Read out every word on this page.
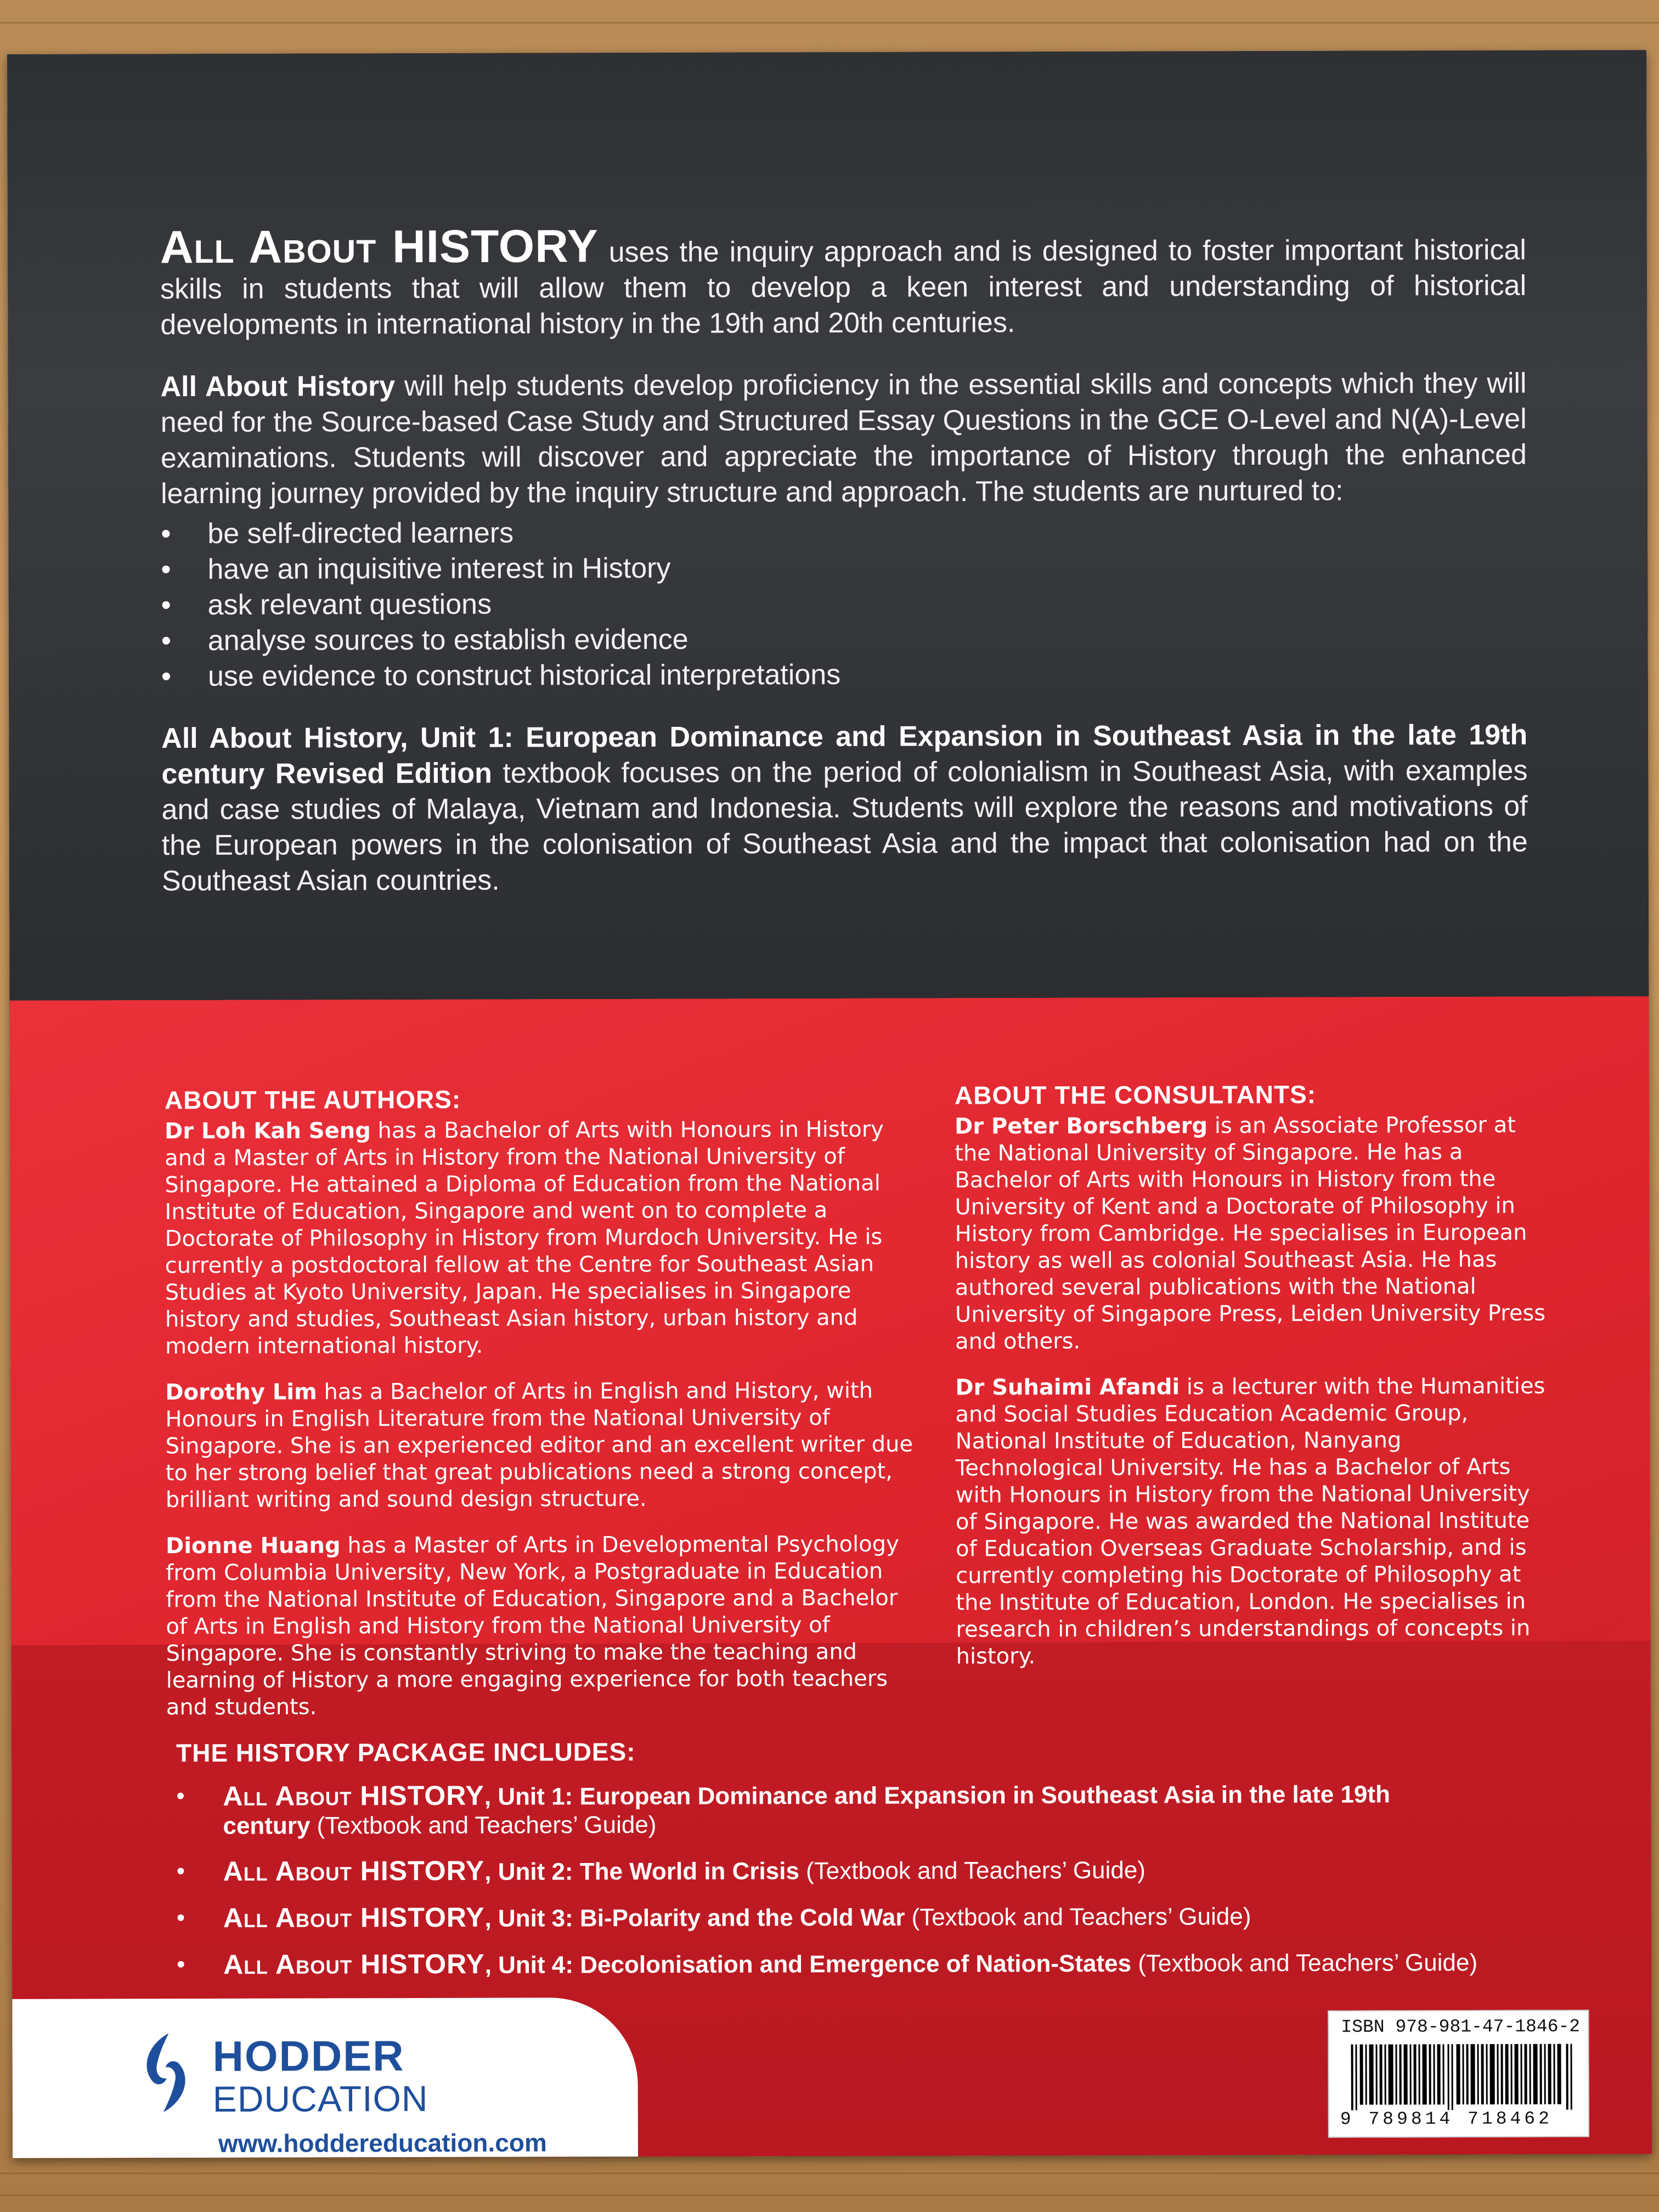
All About HISTORY uses the inquiry approach and is designed to foster important historical skills in students that will allow them to develop a keen interest and understanding of historical developments in international history in the 19th and 20th centuries.

All About History will help students develop proficiency in the essential skills and concepts which they will need for the Source-based Case Study and Structured Essay Questions in the GCE O-Level and N(A)-Level examinations. Students will discover and appreciate the importance of History through the enhanced learning journey provided by the inquiry structure and approach. The students are nurtured to:

• be self-directed learners
• have an inquisitive interest in History
• ask relevant questions
• analyse sources to establish evidence
• use evidence to construct historical interpretations

All About History, Unit 1: European Dominance and Expansion in Southeast Asia in the late 19th century Revised Edition textbook focuses on the period of colonialism in Southeast Asia, with examples and case studies of Malaya, Vietnam and Indonesia. Students will explore the reasons and motivations of the European powers in the colonisation of Southeast Asia and the impact that colonisation had on the Southeast Asian countries.

ABOUT THE AUTHORS:

Dr Loh Kah Seng has a Bachelor of Arts with Honours in History and a Master of Arts in History from the National University of Singapore. He attained a Diploma of Education from the National Institute of Education, Singapore and went on to complete a Doctorate of Philosophy in History from Murdoch University. He is currently a postdoctoral fellow at the Centre for Southeast Asian Studies at Kyoto University, Japan. He specialises in Singapore history and studies, Southeast Asian history, urban history and modern international history.

Dorothy Lim has a Bachelor of Arts in English and History, with Honours in English Literature from the National University of Singapore. She is an experienced editor and an excellent writer due to her strong belief that great publications need a strong concept, brilliant writing and sound design structure.

Dionne Huang has a Master of Arts in Developmental Psychology from Columbia University, New York, a Postgraduate in Education from the National Institute of Education, Singapore and a Bachelor of Arts in English and History from the National University of Singapore. She is constantly striving to make the teaching and learning of History a more engaging experience for both teachers and students.

ABOUT THE CONSULTANTS:

Dr Peter Borschberg is an Associate Professor at the National University of Singapore. He has a Bachelor of Arts with Honours in History from the University of Kent and a Doctorate of Philosophy in History from Cambridge. He specialises in European history as well as colonial Southeast Asia. He has authored several publications with the National University of Singapore Press, Leiden University Press and others.

Dr Suhaimi Afandi is a lecturer with the Humanities and Social Studies Education Academic Group, National Institute of Education, Nanyang Technological University. He has a Bachelor of Arts with Honours in History from the National University of Singapore. He was awarded the National Institute of Education Overseas Graduate Scholarship, and is currently completing his Doctorate of Philosophy at the Institute of Education, London. He specialises in research in children’s understandings of concepts in history.

THE HISTORY PACKAGE INCLUDES:
• All About HISTORY, Unit 1: European Dominance and Expansion in Southeast Asia in the late 19th century (Textbook and Teachers’ Guide)
• All About HISTORY, Unit 2: The World in Crisis (Textbook and Teachers’ Guide)
• All About HISTORY, Unit 3: Bi-Polarity and the Cold War (Textbook and Teachers’ Guide)
• All About HISTORY, Unit 4: Decolonisation and Emergence of Nation-States (Textbook and Teachers’ Guide)
HODDER
EDUCATION
www.hoddereducation.com
ISBN 978-981-47-1846-2
9 789814 718462
